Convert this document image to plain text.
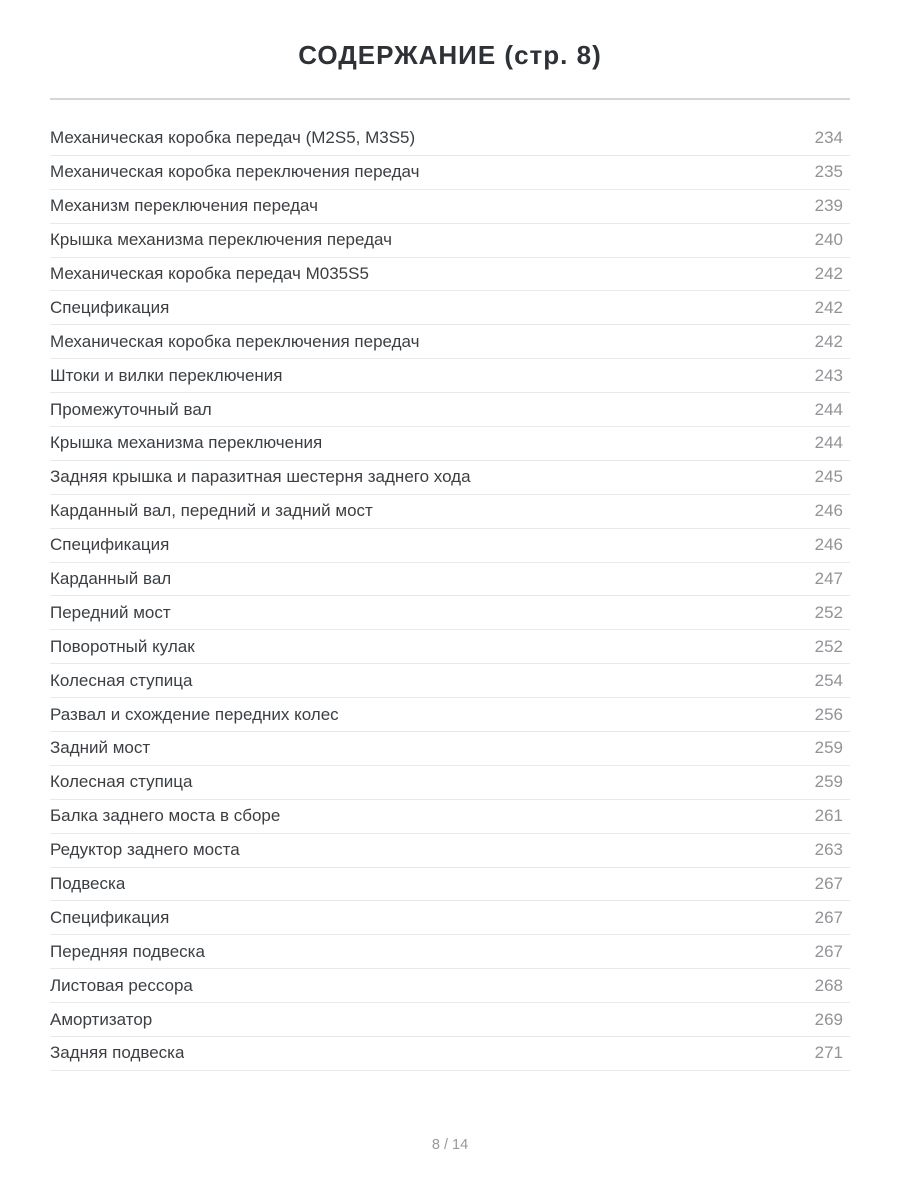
СОДЕРЖАНИЕ (стр. 8)
Механическая коробка передач (M2S5, M3S5)	234
Механическая коробка переключения передач	235
Механизм переключения передач	239
Крышка механизма переключения передач	240
Механическая коробка передач M035S5	242
Спецификация	242
Механическая коробка переключения передач	242
Штоки и вилки переключения	243
Промежуточный вал	244
Крышка механизма переключения	244
Задняя крышка и паразитная шестерня заднего хода	245
Карданный вал, передний и задний мост	246
Спецификация	246
Карданный вал	247
Передний мост	252
Поворотный кулак	252
Колесная ступица	254
Развал и схождение передних колес	256
Задний мост	259
Колесная ступица	259
Балка заднего моста в сборе	261
Редуктор заднего моста	263
Подвеска	267
Спецификация	267
Передняя подвеска	267
Листовая рессора	268
Амортизатор	269
Задняя подвеска	271
8 / 14
